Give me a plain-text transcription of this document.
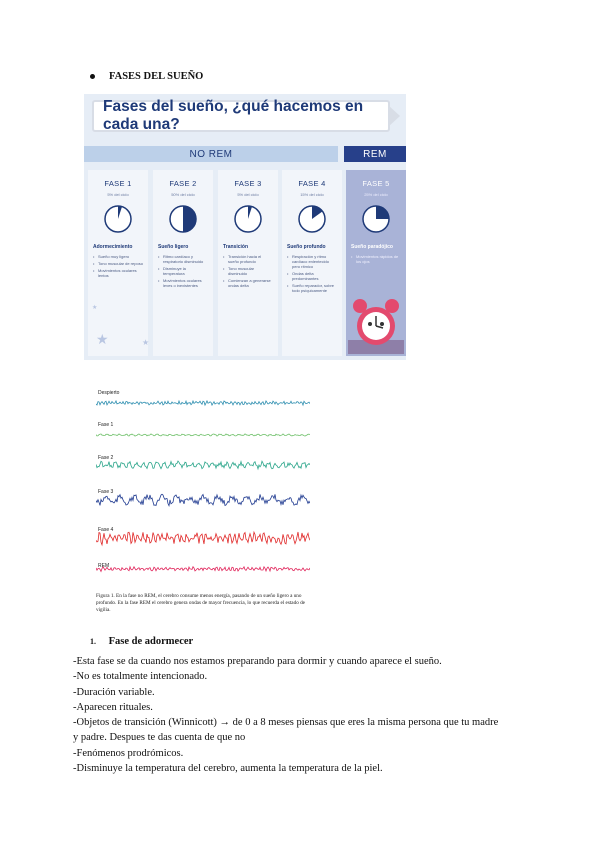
FASES DEL SUEÑO
Fases del sueño, ¿qué hacemos en cada una?
NO REM	REM
FASE 1
5% del ciclo
Adormecimiento
• Sueño muy ligero
• Tono muscular de reposo
• Movimientos oculares lentos
FASE 2
50% del ciclo
Sueño ligero
• Ritmo cardíaco y respiratorio disminuido
• Disminuye la temperatura
• Movimientos oculares leves o inexistentes
FASE 3
5% del ciclo
Transición
• Transición hacia el sueño profundo
• Tono muscular disminuido
• Comienzan a generarse ondas delta
FASE 4
15% del ciclo
Sueño profundo
• Respiración y ritmo cardíaco enlentecido pero rítmico
• Ondas delta predominantes
• Sueño reparador, sobre todo psíquicamente
FASE 5
25% del ciclo
Sueño paradójico
• Movimientos rápidos de los ojos
★	★
★
Despierto
Fase 1
Fase 2
Fase 3
Fase 4
REM
Figura 1. En la fase no REM, el cerebro consume menos energía, pasando de un sueño ligero a uno profundo. En la fase REM el cerebro genera ondas de mayor frecuencia, lo que recuerda el estado de vigilia.
1. Fase de adormecer
-Esta fase se da cuando nos estamos preparando para dormir y cuando aparece el sueño.
-No es totalmente intencionado.
-Duración variable.
-Aparecen rituales.
-Objetos de transición (Winnicott) → de 0 a 8 meses piensas que eres la misma persona que tu madre
y padre. Despues te das cuenta de que no
-Fenómenos prodrómicos.
-Disminuye la temperatura del cerebro, aumenta la temperatura de la piel.
